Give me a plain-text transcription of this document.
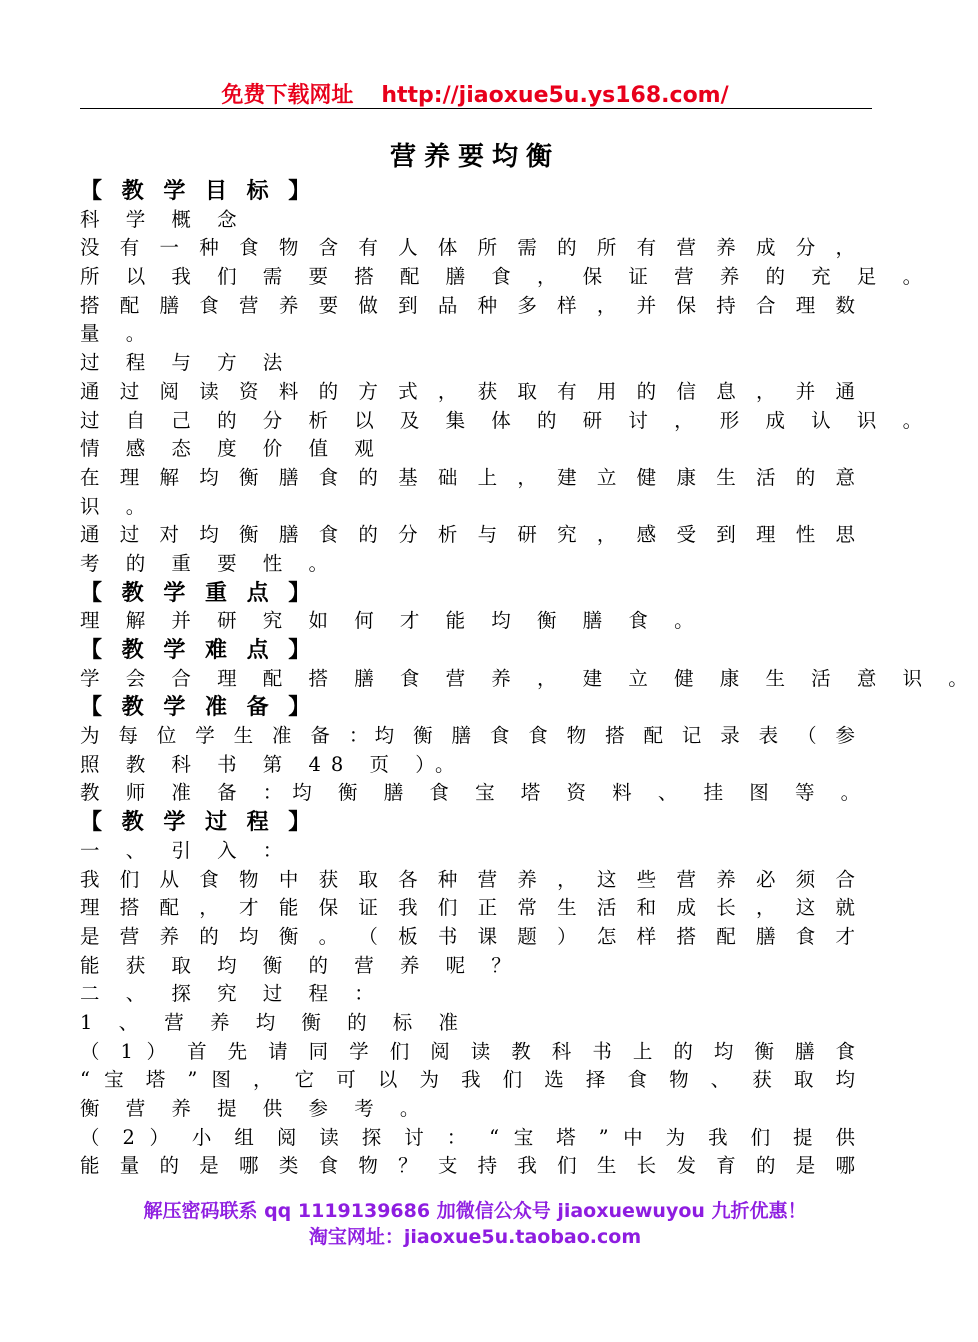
免费下载网址 http://jiaoxue5u.ys168.com/
营养要均衡
【 教 学 目 标 】
科 学 概 念
没 有 一 种 食 物 含 有 人 体 所 需 的 所 有 营 养 成 分 ，
所 以 我 们 需 要 搭 配 膳 食 ， 保 证 营 养 的 充 足 。
搭 配 膳 食 营 养 要 做 到 品 种 多 样 ， 并 保 持 合 理 数
量 。
过 程 与 方 法
通 过 阅 读 资 料 的 方 式 ， 获 取 有 用 的 信 息 ， 并 通
过 自 己 的 分 析 以 及 集 体 的 研 讨 ， 形 成 认 识 。
情 感 态 度 价 值 观
在 理 解 均 衡 膳 食 的 基 础 上 ， 建 立 健 康 生 活 的 意
识 。
通 过 对 均 衡 膳 食 的 分 析 与 研 究 ， 感 受 到 理 性 思
考 的 重 要 性 。
【 教 学 重 点 】
理 解 并 研 究 如 何 才 能 均 衡 膳 食 。
【 教 学 难 点 】
学 会 合 理 配 搭 膳 食 营 养 ， 建 立 健 康 生 活 意 识 。
【 教 学 准 备 】
为 每 位 学 生 准 备 ：均 衡 膳 食 食 物 搭 配 记 录 表 （ 参
照 教 科 书 第 48 页 ）。
教 师 准 备 ：均 衡 膳 食 宝 塔 资 料 、 挂 图 等 。
【 教 学 过 程 】
一 、 引 入 ：
我 们 从 食 物 中 获 取 各 种 营 养 ， 这 些 营 养 必 须 合
理 搭 配 ， 才 能 保 证 我 们 正 常 生 活 和 成 长 ， 这 就
是 营 养 的 均 衡 。 （ 板 书 课 题 ） 怎 样 搭 配 膳 食 才
能 获 取 均 衡 的 营 养 呢 ？
二 、 探 究 过 程 ：
1 、 营 养 均 衡 的 标 准
（ 1 ） 首 先 请 同 学 们 阅 读 教 科 书 上 的 均 衡 膳 食
“ 宝 塔 ” 图 ， 它 可 以 为 我 们 选 择 食 物 、 获 取 均
衡 营 养 提 供 参 考 。
（ 2 ） 小 组 阅 读 探 讨 ： “ 宝 塔 ” 中 为 我 们 提 供
能 量 的 是 哪 类 食 物 ？ 支 持 我 们 生 长 发 育 的 是 哪
解压密码联系 qq 1119139686 加微信公众号 jiaoxuewuyou 九折优惠！
淘宝网址：jiaoxue5u.taobao.com
